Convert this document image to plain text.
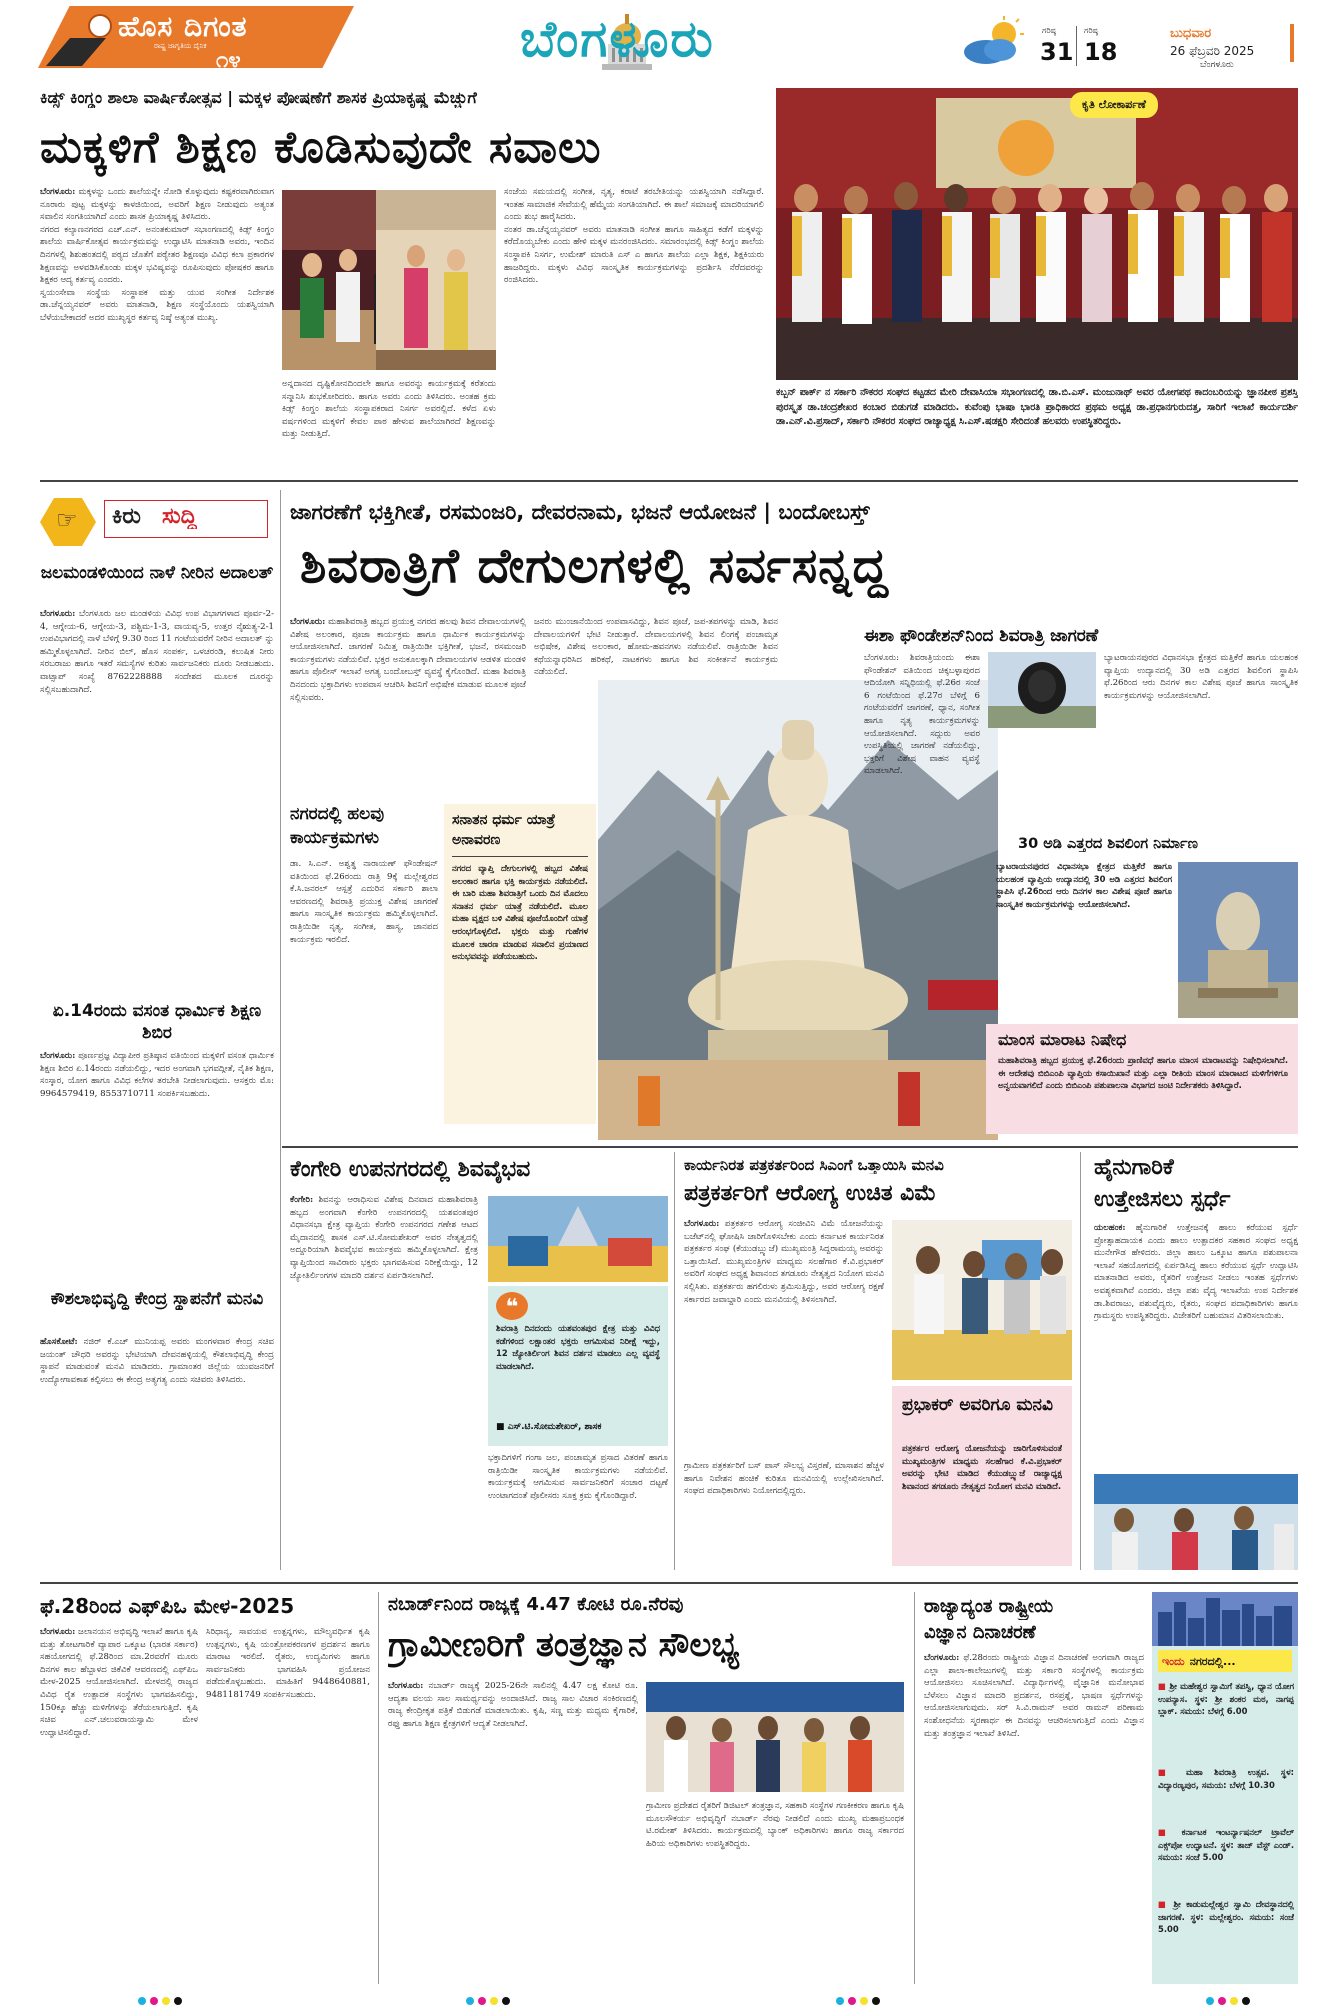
ಹೊಸ ದಿಗಂತ
ರಾಷ್ಟ್ರ ಜಾಗೃತಿಯ ದೈನಿಕ
೧೪	ಬೆಂಗಳೂರು	ಗರಿಷ್ಠ
31
ಗರಿಷ್ಠ
18
ಬುಧವಾರ
26 ಫೆಬ್ರವರಿ 2025
ಬೆಂಗಳೂರು
ಕಿಡ್ಸ್ ಕಿಂಗ್ಡಂ ಶಾಲಾ ವಾರ್ಷಿಕೋತ್ಸವ | ಮಕ್ಕಳ ಪೋಷಣೆಗೆ ಶಾಸಕ ಪ್ರಿಯಾಕೃಷ್ಣ ಮೆಚ್ಚುಗೆ
ಮಕ್ಕಳಿಗೆ ಶಿಕ್ಷಣ ಕೊಡಿಸುವುದೇ ಸವಾಲು
ಬೆಂಗಳೂರು: ಮಕ್ಕಳನ್ನು ಒಂದು ಶಾಲೆಯನ್ನೇ ನೋಡಿ ಕೊಳ್ಳುವುದು ಕಷ್ಟಕರವಾಗಿರುವಾಗ ನೂರಾರು ಪುಟ್ಟ ಮಕ್ಕಳನ್ನು ಕಾಳಜಿಯಿಂದ, ಅವರಿಗೆ ಶಿಕ್ಷಣ ನೀಡುವುದು ಅತ್ಯಂತ ಸವಾಲಿನ ಸಂಗತಿಯಾಗಿದೆ ಎಂದು ಶಾಸಕ ಪ್ರಿಯಾಕೃಷ್ಣ ತಿಳಿಸಿದರು.
ನಗರದ ಕಲ್ಯಾಣನಗರದ ಎಚ್.ಎನ್. ಅನಂತಕುಮಾರ್ ಸಭಾಂಗಣದಲ್ಲಿ ಕಿಡ್ಸ್ ಕಿಂಗ್ಡಂ ಶಾಲೆಯ ವಾರ್ಷಿಕೋತ್ಸವ ಕಾರ್ಯಕ್ರಮವನ್ನು ಉದ್ಘಾಟಿಸಿ ಮಾತನಾಡಿ ಅವರು, ಇಂದಿನ ದಿನಗಳಲ್ಲಿ ಶಿಶುಹಂತದಲ್ಲಿ ಪಠ್ಯದ ಜೊತೆಗೆ ಪಠ್ಯೇತರ ಶಿಕ್ಷಣವೂ ವಿವಿಧ ಕಲಾ ಪ್ರಕಾರಗಳ ಶಿಕ್ಷಣವನ್ನು ಅಳವಡಿಸಿಕೊಂಡು ಮಕ್ಕಳ ಭವಿಷ್ಯವನ್ನು ರೂಪಿಸುವುದು ಪೋಷಕರ ಹಾಗೂ ಶಿಕ್ಷಕರ ಆದ್ಯ ಕರ್ತವ್ಯ ಎಂದರು.
ಸ್ವಯಂಸೇವಾ ಸಂಸ್ಥೆಯ ಸಂಸ್ಥಾಪಕ ಮತ್ತು ಯುವ ಸಂಗೀತ ನಿರ್ದೇಶಕ ಡಾ.ಚೆನ್ನಯ್ಯನವರ್ ಅವರು ಮಾತನಾಡಿ, ಶಿಕ್ಷಣ ಸಂಸ್ಥೆಯೊಂದು ಯಶಸ್ವಿಯಾಗಿ ಬೆಳೆಯಬೇಕಾದರೆ ಅದರ ಮುಖ್ಯಸ್ಥರ ಕರ್ತವ್ಯ ನಿಷ್ಠೆ ಅತ್ಯಂತ ಮುಖ್ಯ.
ಅನ್ನದಾನದ ದೃಷ್ಟಿಕೋನದಿಂದಲೇ ಹಾಗೂ ಅವರನ್ನು ಕಾರ್ಯಕ್ರಮಕ್ಕೆ ಕರೆತಂದು ಸನ್ಮಾನಿಸಿ ಶುಭಕೋರಿದರು. ಹಾಗೂ ಅವರು ಎಂದು ತಿಳಿಸಿದರು. ಅಂತಹ ಕ್ರಮ ಕಿಡ್ಸ್ ಕಿಂಗ್ಡಂ ಶಾಲೆಯ ಸಂಸ್ಥಾಪಕರಾದ ನಿಸರ್ಗ ಅವರಲ್ಲಿದೆ. ಕಳೆದ ಏಳು ವರ್ಷಗಳಿಂದ ಮಕ್ಕಳಿಗೆ ಕೇವಲ ಪಾಠ ಹೇಳುವ ಶಾಲೆಯಾಗಿರದೆ ಶಿಕ್ಷಣವನ್ನು ಮತ್ತು ನೀಡುತ್ತಿದೆ.
ಸಂಜೆಯ ಸಮಯದಲ್ಲಿ ಸಂಗೀತ, ನೃತ್ಯ, ಕರಾಟೆ ತರಬೇತಿಯನ್ನು ಯಶಸ್ವಿಯಾಗಿ ನಡೆಸಿದ್ದಾರೆ. ಇಂತಹ ಸಾಮಾಜಿಕ ಸೇವೆಯಲ್ಲಿ ಹೆಮ್ಮೆಯ ಸಂಗತಿಯಾಗಿದೆ. ಈ ಶಾಲೆ ಸಮಾಜಕ್ಕೆ ಮಾದರಿಯಾಗಲಿ ಎಂದು ಶುಭ ಹಾರೈಸಿದರು.
ನಂತರ ಡಾ.ಚೆನ್ನಯ್ಯನವರ್ ಅವರು ಮಾತನಾಡಿ ಸಂಗೀತ ಹಾಗೂ ಸಾಹಿತ್ಯದ ಕಡೆಗೆ ಮಕ್ಕಳನ್ನು ಕರೆದೊಯ್ಯಬೇಕು ಎಂದು ಹೇಳಿ ಮಕ್ಕಳ ಮನರಂಜಿಸಿದರು. ಸಮಾರಂಭದಲ್ಲಿ ಕಿಡ್ಸ್ ಕಿಂಗ್ಡಂ ಶಾಲೆಯ ಸಂಸ್ಥಾಪಕಿ ನಿಸರ್ಗ, ಉಮೇಶ್ ಮಾರುತಿ ಎಸ್ ಎ ಹಾಗೂ ಶಾಲೆಯ ಎಲ್ಲಾ ಶಿಕ್ಷಕ, ಶಿಕ್ಷಕಿಯರು ಹಾಜರಿದ್ದರು. ಮಕ್ಕಳು ವಿವಿಧ ಸಾಂಸ್ಕೃತಿಕ ಕಾರ್ಯಕ್ರಮಗಳನ್ನು ಪ್ರದರ್ಶಿಸಿ ನೆರೆದವರನ್ನು ರಂಜಿಸಿದರು.
ಕೃತಿ ಲೋಕಾರ್ಪಣೆ
ಕಬ್ಬನ್ ಪಾರ್ಕ್ ನ ಸರ್ಕಾರಿ ನೌಕರರ ಸಂಘದ ಕಟ್ಟಡದ ಮೇರಿ ದೇವಾಸಿಯಾ ಸಭಾಂಗಣದಲ್ಲಿ ಡಾ.ಬಿ.ಎಸ್. ಮಂಜುನಾಥ್ ಅವರ ಯೋಗಪಥ ಕಾದಂಬರಿಯನ್ನು ಜ್ಞಾನಪೀಠ ಪ್ರಶಸ್ತಿ ಪುರಸ್ಕೃತ ಡಾ.ಚಂದ್ರಶೇಖರ ಕಂಬಾರ ಬಿಡುಗಡೆ ಮಾಡಿದರು. ಕುವೆಂಪು ಭಾಷಾ ಭಾರತಿ ಪ್ರಾಧಿಕಾರದ ಪ್ರಥಮ ಅಧ್ಯಕ್ಷ ಡಾ.ಪ್ರಧಾನಗುರುದತ್ತ, ಸಾರಿಗೆ ಇಲಾಖೆ ಕಾರ್ಯದರ್ಶಿ ಡಾ.ಎನ್.ವಿ.ಪ್ರಸಾದ್, ಸರ್ಕಾರಿ ನೌಕರರ ಸಂಘದ ರಾಜ್ಯಾಧ್ಯಕ್ಷ ಸಿ.ಎಸ್.ಷಡಕ್ಷರಿ ಸೇರಿದಂತೆ ಹಲವರು ಉಪಸ್ಥಿತರಿದ್ದರು.
☞ ಕಿರು ಸುದ್ದಿ
ಜಲಮಂಡಳಿಯಿಂದ ನಾಳೆ ನೀರಿನ ಅದಾಲತ್
ಬೆಂಗಳೂರು: ಬೆಂಗಳೂರು ಜಲ ಮಂಡಳಿಯ ವಿವಿಧ ಉಪ ವಿಭಾಗಗಳಾದ ಪೂರ್ವ-2-4, ಆಗ್ನೇಯ-6, ಆಗ್ನೇಯ-3, ಪಶ್ಚಿಮ-1-3, ವಾಯವ್ಯ-5, ಉತ್ತರ ನೈಋತ್ಯ-2-1 ಉಪವಿಭಾಗದಲ್ಲಿ ನಾಳೆ ಬೆಳಿಗ್ಗೆ 9.30 ರಿಂದ 11 ಗಂಟೆಯವರೆಗೆ ನೀರಿನ ಅದಾಲತ್ ನ್ನು ಹಮ್ಮಿಕೊಳ್ಳಲಾಗಿದೆ. ನೀರಿನ ಬಿಲ್, ಹೊಸ ಸಂಪರ್ಕ, ಒಳಚರಂಡಿ, ಕಲುಷಿತ ನೀರು ಸರಬರಾಜು ಹಾಗೂ ಇತರೆ ಸಮಸ್ಯೆಗಳ ಕುರಿತು ಸಾರ್ವಜನಿಕರು ದೂರು ನೀಡಬಹುದು. ವಾಟ್ಸಾಪ್ ಸಂಖ್ಯೆ 8762228888 ಸಂದೇಶದ ಮೂಲಕ ದೂರನ್ನು ಸಲ್ಲಿಸಬಹುದಾಗಿದೆ.
ಏ.14ರಂದು ವಸಂತ ಧಾರ್ಮಿಕ ಶಿಕ್ಷಣ ಶಿಬಿರ
ಬೆಂಗಳೂರು: ಪೂರ್ಣಪ್ರಜ್ಞ ವಿದ್ಯಾಪೀಠ ಪ್ರತಿಷ್ಠಾನ ವತಿಯಿಂದ ಮಕ್ಕಳಿಗೆ ವಸಂತ ಧಾರ್ಮಿಕ ಶಿಕ್ಷಣ ಶಿಬಿರ ಏ.14ರಂದು ನಡೆಯಲಿದ್ದು, ಇದರ ಅಂಗವಾಗಿ ಭಗವದ್ಗೀತೆ, ನೈತಿಕ ಶಿಕ್ಷಣ, ಸಂಸ್ಕಾರ, ಯೋಗ ಹಾಗೂ ವಿವಿಧ ಕಲೆಗಳ ತರಬೇತಿ ನೀಡಲಾಗುವುದು. ಆಸಕ್ತರು ಮೊ: 9964579419, 8553710711 ಸಂಪರ್ಕಿಸಬಹುದು.
ಕೌಶಲಾಭಿವೃದ್ಧಿ ಕೇಂದ್ರ ಸ್ಥಾಪನೆಗೆ ಮನವಿ
ಹೊಸಕೋಟೆ: ನಜಿರ್ ಕೆ.ಎಚ್ ಮುನಿಯಪ್ಪ ಅವರು ಮಂಗಳವಾರ ಕೇಂದ್ರ ಸಚಿವ ಜಯಂತ್ ಚೌಧರಿ ಅವರನ್ನು ಭೇಟಿಯಾಗಿ ದೇವನಹಳ್ಳಿಯಲ್ಲಿ ಕೌಶಲಾಭಿವೃದ್ಧಿ ಕೇಂದ್ರ ಸ್ಥಾಪನೆ ಮಾಡುವಂತೆ ಮನವಿ ಮಾಡಿದರು. ಗ್ರಾಮಾಂತರ ಜಿಲ್ಲೆಯ ಯುವಜನರಿಗೆ ಉದ್ಯೋಗಾವಕಾಶ ಕಲ್ಪಿಸಲು ಈ ಕೇಂದ್ರ ಅತ್ಯಗತ್ಯ ಎಂದು ಸಚಿವರು ತಿಳಿಸಿದರು.
ಜಾಗರಣೆಗೆ ಭಕ್ತಿಗೀತೆ, ರಸಮಂಜರಿ, ದೇವರನಾಮ, ಭಜನೆ ಆಯೋಜನೆ | ಬಂದೋಬಸ್ತ್
ಶಿವರಾತ್ರಿಗೆ ದೇಗುಲಗಳಲ್ಲಿ ಸರ್ವಸನ್ನದ್ಧ
ಬೆಂಗಳೂರು: ಮಹಾಶಿವರಾತ್ರಿ ಹಬ್ಬದ ಪ್ರಯುಕ್ತ ನಗರದ ಹಲವು ಶಿವನ ದೇವಾಲಯಗಳಲ್ಲಿ ವಿಶೇಷ ಅಲಂಕಾರ, ಪೂಜಾ ಕಾರ್ಯಕ್ರಮ ಹಾಗೂ ಧಾರ್ಮಿಕ ಕಾರ್ಯಕ್ರಮಗಳನ್ನು ಆಯೋಜಿಸಲಾಗಿದೆ. ಜಾಗರಣೆ ನಿಮಿತ್ತ ರಾತ್ರಿಯಿಡೀ ಭಕ್ತಿಗೀತೆ, ಭಜನೆ, ರಸಮಂಜರಿ ಕಾರ್ಯಕ್ರಮಗಳು ನಡೆಯಲಿವೆ. ಭಕ್ತರ ಅನುಕೂಲಕ್ಕಾಗಿ ದೇವಾಲಯಗಳ ಆಡಳಿತ ಮಂಡಳಿ ಹಾಗೂ ಪೊಲೀಸ್ ಇಲಾಖೆ ಅಗತ್ಯ ಬಂದೋಬಸ್ತ್ ವ್ಯವಸ್ಥೆ ಕೈಗೊಂಡಿದೆ. ಮಹಾ ಶಿವರಾತ್ರಿ ದಿನದಂದು ಭಕ್ತಾದಿಗಳು ಉಪವಾಸ ಆಚರಿಸಿ ಶಿವನಿಗೆ ಅಭಿಷೇಕ ಮಾಡುವ ಮೂಲಕ ಪೂಜೆ ಸಲ್ಲಿಸುವರು.
ಜನರು ಮುಂಜಾನೆಯಿಂದ ಉಪವಾಸವಿದ್ದು, ಶಿವನ ಪೂಜೆ, ಜಪ-ತಪಗಳನ್ನು ಮಾಡಿ, ಶಿವನ ದೇವಾಲಯಗಳಿಗೆ ಭೇಟಿ ನೀಡುತ್ತಾರೆ. ದೇವಾಲಯಗಳಲ್ಲಿ ಶಿವನ ಲಿಂಗಕ್ಕೆ ಪಂಚಾಮೃತ ಅಭಿಷೇಕ, ವಿಶೇಷ ಅಲಂಕಾರ, ಹೋಮ-ಹವನಗಳು ನಡೆಯಲಿವೆ. ರಾತ್ರಿಯಿಡೀ ಶಿವನ ಕಥೆಯನ್ನಾಧರಿಸಿದ ಹರಿಕಥೆ, ನಾಟಕಗಳು ಹಾಗೂ ಶಿವ ಸಂಕೀರ್ತನೆ ಕಾರ್ಯಕ್ರಮ ನಡೆಯಲಿದೆ.
ನಗರದಲ್ಲಿ ಹಲವು ಕಾರ್ಯಕ್ರಮಗಳು
ಡಾ. ಸಿ.ಎನ್. ಅಶ್ವತ್ಥ ನಾರಾಯಣ್ ಫೌಂಡೇಷನ್ ವತಿಯಿಂದ ಫೆ.26ರಂದು ರಾತ್ರಿ 9ಕ್ಕೆ ಮಲ್ಲೇಶ್ವರದ ಕೆ.ಸಿ.ಜನರಲ್ ಆಸ್ಪತ್ರೆ ಎದುರಿನ ಸರ್ಕಾರಿ ಶಾಲಾ ಆವರಣದಲ್ಲಿ ಶಿವರಾತ್ರಿ ಪ್ರಯುಕ್ತ ವಿಶೇಷ ಜಾಗರಣೆ ಹಾಗೂ ಸಾಂಸ್ಕೃತಿಕ ಕಾರ್ಯಕ್ರಮ ಹಮ್ಮಿಕೊಳ್ಳಲಾಗಿದೆ. ರಾತ್ರಿಯಿಡೀ ನೃತ್ಯ, ಸಂಗೀತ, ಹಾಸ್ಯ, ಜಾನಪದ ಕಾರ್ಯಕ್ರಮ ಇರಲಿದೆ.
ಸನಾತನ ಧರ್ಮ ಯಾತ್ರೆ ಅನಾವರಣ
ನಗರದ ವ್ಯಾಪ್ತಿ ದೇಗುಲಗಳಲ್ಲಿ ಹಬ್ಬದ ವಿಶೇಷ ಅಲಂಕಾರ ಹಾಗೂ ಭಕ್ತಿ ಕಾರ್ಯಕ್ರಮ ನಡೆಯಲಿದೆ. ಈ ಬಾರಿ ಮಹಾ ಶಿವರಾತ್ರಿಗೆ ಒಂದು ದಿನ ಮೊದಲು ಸನಾತನ ಧರ್ಮ ಯಾತ್ರೆ ನಡೆಯಲಿದೆ. ಮೂಲ ಮಹಾ ವೃಕ್ಷದ ಬಳಿ ವಿಶೇಷ ಪೂಜೆಯೊಂದಿಗೆ ಯಾತ್ರೆ ಆರಂಭಗೊಳ್ಳಲಿದೆ. ಭಕ್ತರು ಮತ್ತು ಗುಹೆಗಳ ಮೂಲಕ ಚಾರಣ ಮಾಡುವ ಸವಾಲಿನ ಪ್ರಯಾಣದ ಅನುಭವವನ್ನು ಪಡೆಯಬಹುದು.
ಈಶಾ ಫೌಂಡೇಶನ್‌ನಿಂದ ಶಿವರಾತ್ರಿ ಜಾಗರಣೆ
ಬೆಂಗಳೂರು: ಶಿವರಾತ್ರಿಯಂದು ಈಶಾ ಫೌಂಡೇಶನ್ ವತಿಯಿಂದ ಚಿಕ್ಕಬಳ್ಳಾಪುರದ ಆದಿಯೋಗಿ ಸನ್ನಿಧಿಯಲ್ಲಿ ಫೆ.26ರ ಸಂಜೆ 6 ಗಂಟೆಯಿಂದ ಫೆ.27ರ ಬೆಳಿಗ್ಗೆ 6 ಗಂಟೆಯವರೆಗೆ ಜಾಗರಣೆ, ಧ್ಯಾನ, ಸಂಗೀತ ಹಾಗೂ ನೃತ್ಯ ಕಾರ್ಯಕ್ರಮಗಳನ್ನು ಆಯೋಜಿಸಲಾಗಿದೆ. ಸದ್ಗುರು ಅವರ ಉಪಸ್ಥಿತಿಯಲ್ಲಿ ಜಾಗರಣೆ ನಡೆಯಲಿದ್ದು, ಭಕ್ತರಿಗೆ ವಿಶೇಷ ವಾಹನ ವ್ಯವಸ್ಥೆ ಮಾಡಲಾಗಿದೆ.
ಬ್ಯಾಟರಾಯನಪುರದ ವಿಧಾನಸಭಾ ಕ್ಷೇತ್ರದ ಮತ್ತಿಕೆರೆ ಹಾಗೂ ಯಲಹಂಕ ವ್ಯಾಪ್ತಿಯ ಉದ್ಯಾನದಲ್ಲಿ 30 ಅಡಿ ಎತ್ತರದ ಶಿವಲಿಂಗ ಸ್ಥಾಪಿಸಿ ಫೆ.26ರಿಂದ ಆರು ದಿನಗಳ ಕಾಲ ವಿಶೇಷ ಪೂಜೆ ಹಾಗೂ ಸಾಂಸ್ಕೃತಿಕ ಕಾರ್ಯಕ್ರಮಗಳನ್ನು ಆಯೋಜಿಸಲಾಗಿದೆ.
30 ಅಡಿ ಎತ್ತರದ ಶಿವಲಿಂಗ ನಿರ್ಮಾಣ
ಬ್ಯಾಟರಾಯನಪುರದ ವಿಧಾನಸಭಾ ಕ್ಷೇತ್ರದ ಮತ್ತಿಕೆರೆ ಹಾಗೂ ಯಲಹಂಕ ವ್ಯಾಪ್ತಿಯ ಉದ್ಯಾನದಲ್ಲಿ 30 ಅಡಿ ಎತ್ತರದ ಶಿವಲಿಂಗ ಸ್ಥಾಪಿಸಿ ಫೆ.26ರಿಂದ ಆರು ದಿನಗಳ ಕಾಲ ವಿಶೇಷ ಪೂಜೆ ಹಾಗೂ ಸಾಂಸ್ಕೃತಿಕ ಕಾರ್ಯಕ್ರಮಗಳನ್ನು ಆಯೋಜಿಸಲಾಗಿದೆ.
ಮಾಂಸ ಮಾರಾಟ ನಿಷೇಧ
ಮಹಾಶಿವರಾತ್ರಿ ಹಬ್ಬದ ಪ್ರಯುಕ್ತ ಫೆ.26ರಂದು ಪ್ರಾಣಿವಧೆ ಹಾಗೂ ಮಾಂಸ ಮಾರಾಟವನ್ನು ನಿಷೇಧಿಸಲಾಗಿದೆ. ಈ ಆದೇಶವು ಬಿಬಿಎಂಪಿ ವ್ಯಾಪ್ತಿಯ ಕಸಾಯಿಖಾನೆ ಮತ್ತು ಎಲ್ಲಾ ರೀತಿಯ ಮಾಂಸ ಮಾರಾಟದ ಮಳಿಗೆಗಳಿಗೂ ಅನ್ವಯವಾಗಲಿದೆ ಎಂದು ಬಿಬಿಎಂಪಿ ಪಶುಪಾಲನಾ ವಿಭಾಗದ ಜಂಟಿ ನಿರ್ದೇಶಕರು ತಿಳಿಸಿದ್ದಾರೆ.
ಕೆಂಗೇರಿ ಉಪನಗರದಲ್ಲಿ ಶಿವವೈಭವ
ಕೆಂಗೇರಿ: ಶಿವನನ್ನು ಆರಾಧಿಸುವ ವಿಶೇಷ ದಿನವಾದ ಮಹಾಶಿವರಾತ್ರಿ ಹಬ್ಬದ ಅಂಗವಾಗಿ ಕೆಂಗೇರಿ ಉಪನಗರದಲ್ಲಿ ಯಶವಂತಪುರ ವಿಧಾನಸಭಾ ಕ್ಷೇತ್ರ ವ್ಯಾಪ್ತಿಯ ಕೆಂಗೇರಿ ಉಪನಗರದ ಗಣೇಶ ಆಟದ ಮೈದಾನದಲ್ಲಿ ಶಾಸಕ ಎಸ್.ಟಿ.ಸೋಮಶೇಖರ್ ಅವರ ನೇತೃತ್ವದಲ್ಲಿ ಅದ್ದೂರಿಯಾಗಿ ಶಿವವೈಭವ ಕಾರ್ಯಕ್ರಮ ಹಮ್ಮಿಕೊಳ್ಳಲಾಗಿದೆ. ಕ್ಷೇತ್ರ ವ್ಯಾಪ್ತಿಯಿಂದ ಸಾವಿರಾರು ಭಕ್ತರು ಭಾಗವಹಿಸುವ ನಿರೀಕ್ಷೆಯಿದ್ದು, 12 ಜ್ಯೋತಿರ್ಲಿಂಗಗಳ ಮಾದರಿ ದರ್ಶನ ಏರ್ಪಡಿಸಲಾಗಿದೆ.
❝
ಶಿವರಾತ್ರಿ ದಿನದಂದು ಯಶವಂತಪುರ ಕ್ಷೇತ್ರ ಮತ್ತು ವಿವಿಧ ಕಡೆಗಳಿಂದ ಲಕ್ಷಾಂತರ ಭಕ್ತರು ಆಗಮಿಸುವ ನಿರೀಕ್ಷೆ ಇದ್ದು, 12 ಜ್ಯೋತಿರ್ಲಿಂಗ ಶಿವನ ದರ್ಶನ ಮಾಡಲು ಎಲ್ಲ ವ್ಯವಸ್ಥೆ ಮಾಡಲಾಗಿದೆ.
■ ಎಸ್.ಟಿ.ಸೋಮಶೇಖರ್, ಶಾಸಕ
ಭಕ್ತಾದಿಗಳಿಗೆ ಗಂಗಾ ಜಲ, ಪಂಚಾಮೃತ ಪ್ರಸಾದ ವಿತರಣೆ ಹಾಗೂ ರಾತ್ರಿಯಿಡೀ ಸಾಂಸ್ಕೃತಿಕ ಕಾರ್ಯಕ್ರಮಗಳು ನಡೆಯಲಿವೆ. ಕಾರ್ಯಕ್ರಮಕ್ಕೆ ಆಗಮಿಸುವ ಸಾರ್ವಜನಿಕರಿಗೆ ಸಂಚಾರ ದಟ್ಟಣೆ ಉಂಟಾಗದಂತೆ ಪೊಲೀಸರು ಸೂಕ್ತ ಕ್ರಮ ಕೈಗೊಂಡಿದ್ದಾರೆ.
ಕಾರ್ಯನಿರತ ಪತ್ರಕರ್ತರಿಂದ ಸಿಎಂಗೆ ಒತ್ತಾಯಿಸಿ ಮನವಿ
ಪತ್ರಕರ್ತರಿಗೆ ಆರೋಗ್ಯ ಉಚಿತ ವಿಮೆ
ಬೆಂಗಳೂರು: ಪತ್ರಕರ್ತರ ಆರೋಗ್ಯ ಸಂಜೀವಿನಿ ವಿಮೆ ಯೋಜನೆಯನ್ನು ಬಜೆಟ್‌ನಲ್ಲಿ ಘೋಷಿಸಿ ಜಾರಿಗೊಳಿಸಬೇಕು ಎಂದು ಕರ್ನಾಟಕ ಕಾರ್ಯನಿರತ ಪತ್ರಕರ್ತರ ಸಂಘ (ಕೆಯುಡಬ್ಲ್ಯುಜೆ) ಮುಖ್ಯಮಂತ್ರಿ ಸಿದ್ದರಾಮಯ್ಯ ಅವರನ್ನು ಒತ್ತಾಯಿಸಿದೆ. ಮುಖ್ಯಮಂತ್ರಿಗಳ ಮಾಧ್ಯಮ ಸಲಹೆಗಾರ ಕೆ.ವಿ.ಪ್ರಭಾಕರ್ ಅವರಿಗೆ ಸಂಘದ ಅಧ್ಯಕ್ಷ ಶಿವಾನಂದ ತಗಡೂರು ನೇತೃತ್ವದ ನಿಯೋಗ ಮನವಿ ಸಲ್ಲಿಸಿತು. ಪತ್ರಕರ್ತರು ಹಗಲಿರುಳು ಶ್ರಮಿಸುತ್ತಿದ್ದು, ಅವರ ಆರೋಗ್ಯ ರಕ್ಷಣೆ ಸರ್ಕಾರದ ಜವಾಬ್ದಾರಿ ಎಂದು ಮನವಿಯಲ್ಲಿ ತಿಳಿಸಲಾಗಿದೆ.
ಗ್ರಾಮೀಣ ಪತ್ರಕರ್ತರಿಗೆ ಬಸ್ ಪಾಸ್ ಸೌಲಭ್ಯ ವಿಸ್ತರಣೆ, ಮಾಸಾಶನ ಹೆಚ್ಚಳ ಹಾಗೂ ನಿವೇಶನ ಹಂಚಿಕೆ ಕುರಿತೂ ಮನವಿಯಲ್ಲಿ ಉಲ್ಲೇಖಿಸಲಾಗಿದೆ. ಸಂಘದ ಪದಾಧಿಕಾರಿಗಳು ನಿಯೋಗದಲ್ಲಿದ್ದರು.
ಪ್ರಭಾಕರ್ ಅವರಿಗೂ ಮನವಿ
ಪತ್ರಕರ್ತರ ಆರೋಗ್ಯ ಯೋಜನೆಯನ್ನು ಜಾರಿಗೊಳಿಸುವಂತೆ ಮುಖ್ಯಮಂತ್ರಿಗಳ ಮಾಧ್ಯಮ ಸಲಹೆಗಾರ ಕೆ.ವಿ.ಪ್ರಭಾಕರ್ ಅವರನ್ನು ಭೇಟಿ ಮಾಡಿದ ಕೆಯುಡಬ್ಲ್ಯುಜೆ ರಾಜ್ಯಾಧ್ಯಕ್ಷ ಶಿವಾನಂದ ತಗಡೂರು ನೇತೃತ್ವದ ನಿಯೋಗ ಮನವಿ ಮಾಡಿದೆ.
ಹೈನುಗಾರಿಕೆ
ಉತ್ತೇಜಿಸಲು ಸ್ಪರ್ಧೆ
ಯಲಹಂಕ: ಹೈನುಗಾರಿಕೆ ಉತ್ತೇಜನಕ್ಕೆ ಹಾಲು ಕರೆಯುವ ಸ್ಪರ್ಧೆ ಪ್ರೋತ್ಸಾಹದಾಯಕ ಎಂದು ಹಾಲು ಉತ್ಪಾದಕರ ಸಹಕಾರ ಸಂಘದ ಅಧ್ಯಕ್ಷ ಮುನೇಗೌಡ ಹೇಳಿದರು. ಜಿಲ್ಲಾ ಹಾಲು ಒಕ್ಕೂಟ ಹಾಗೂ ಪಶುಪಾಲನಾ ಇಲಾಖೆ ಸಹಯೋಗದಲ್ಲಿ ಏರ್ಪಡಿಸಿದ್ದ ಹಾಲು ಕರೆಯುವ ಸ್ಪರ್ಧೆ ಉದ್ಘಾಟಿಸಿ ಮಾತನಾಡಿದ ಅವರು, ರೈತರಿಗೆ ಉತ್ತೇಜನ ನೀಡಲು ಇಂತಹ ಸ್ಪರ್ಧೆಗಳು ಅವಶ್ಯಕವಾಗಿವೆ ಎಂದರು. ಜಿಲ್ಲಾ ಪಶು ವೈದ್ಯ ಇಲಾಖೆಯ ಉಪ ನಿರ್ದೇಶಕ ಡಾ.ಶಿವರಾಜು, ಪಶುವೈದ್ಯರು, ರೈತರು, ಸಂಘದ ಪದಾಧಿಕಾರಿಗಳು ಹಾಗೂ ಗ್ರಾಮಸ್ಥರು ಉಪಸ್ಥಿತರಿದ್ದರು. ವಿಜೇತರಿಗೆ ಬಹುಮಾನ ವಿತರಿಸಲಾಯಿತು.
ಫೆ.28ರಿಂದ ಎಫ್‌ಪಿಒ ಮೇಳ-2025
ಬೆಂಗಳೂರು: ಜಲಾನಯನ ಅಭಿವೃದ್ಧಿ ಇಲಾಖೆ ಹಾಗೂ ಕೃಷಿ ಮತ್ತು ತೋಟಗಾರಿಕೆ ವ್ಯಾಪಾರ ಒಕ್ಕೂಟ (ಭಾರತ ಸರ್ಕಾರ) ಸಹಯೋಗದಲ್ಲಿ ಫೆ.28ರಿಂದ ಮಾ.2ರವರೆಗೆ ಮೂರು ದಿನಗಳ ಕಾಲ ಹೆಬ್ಬಾಳದ ಜಿಕೆವಿಕೆ ಆವರಣದಲ್ಲಿ ಎಫ್‌ಪಿಒ ಮೇಳ-2025 ಆಯೋಜಿಸಲಾಗಿದೆ. ಮೇಳದಲ್ಲಿ ರಾಜ್ಯದ ವಿವಿಧ ರೈತ ಉತ್ಪಾದಕ ಸಂಸ್ಥೆಗಳು ಭಾಗವಹಿಸಲಿದ್ದು, 150ಕ್ಕೂ ಹೆಚ್ಚು ಮಳಿಗೆಗಳನ್ನು ತೆರೆಯಲಾಗುತ್ತಿದೆ. ಕೃಷಿ ಸಚಿವ ಎನ್.ಚಲುವರಾಯಸ್ವಾಮಿ ಮೇಳ ಉದ್ಘಾಟಿಸಲಿದ್ದಾರೆ.
ಸಿರಿಧಾನ್ಯ, ಸಾವಯವ ಉತ್ಪನ್ನಗಳು, ಮೌಲ್ಯವರ್ಧಿತ ಕೃಷಿ ಉತ್ಪನ್ನಗಳು, ಕೃಷಿ ಯಂತ್ರೋಪಕರಣಗಳ ಪ್ರದರ್ಶನ ಹಾಗೂ ಮಾರಾಟ ಇರಲಿದೆ. ರೈತರು, ಉದ್ಯಮಿಗಳು ಹಾಗೂ ಸಾರ್ವಜನಿಕರು ಭಾಗವಹಿಸಿ ಪ್ರಯೋಜನ ಪಡೆದುಕೊಳ್ಳಬಹುದು. ಮಾಹಿತಿಗೆ 9448640881, 9481181749 ಸಂಪರ್ಕಿಸಬಹುದು.
ನಬಾರ್ಡ್‌ನಿಂದ ರಾಜ್ಯಕ್ಕೆ 4.47 ಕೋಟಿ ರೂ.ನೆರವು
ಗ್ರಾಮೀಣರಿಗೆ ತಂತ್ರಜ್ಞಾನ ಸೌಲಭ್ಯ
ಬೆಂಗಳೂರು: ನಬಾರ್ಡ್ ರಾಜ್ಯಕ್ಕೆ 2025-26ನೇ ಸಾಲಿನಲ್ಲಿ 4.47 ಲಕ್ಷ ಕೋಟಿ ರೂ. ಆದ್ಯತಾ ವಲಯ ಸಾಲ ಸಾಮರ್ಥ್ಯವನ್ನು ಅಂದಾಜಿಸಿದೆ. ರಾಜ್ಯ ಸಾಲ ವಿಚಾರ ಸಂಕಿರಣದಲ್ಲಿ ರಾಜ್ಯ ಕೇಂದ್ರೀಕೃತ ಪತ್ರಿಕೆ ಬಿಡುಗಡೆ ಮಾಡಲಾಯಿತು. ಕೃಷಿ, ಸಣ್ಣ ಮತ್ತು ಮಧ್ಯಮ ಕೈಗಾರಿಕೆ, ರಫ್ತು ಹಾಗೂ ಶಿಕ್ಷಣ ಕ್ಷೇತ್ರಗಳಿಗೆ ಆದ್ಯತೆ ನೀಡಲಾಗಿದೆ.
ಗ್ರಾಮೀಣ ಪ್ರದೇಶದ ರೈತರಿಗೆ ಡಿಜಿಟಲ್ ತಂತ್ರಜ್ಞಾನ, ಸಹಕಾರಿ ಸಂಸ್ಥೆಗಳ ಗಣಕೀಕರಣ ಹಾಗೂ ಕೃಷಿ ಮೂಲಸೌಕರ್ಯ ಅಭಿವೃದ್ಧಿಗೆ ನಬಾರ್ಡ್ ನೆರವು ನೀಡಲಿದೆ ಎಂದು ಮುಖ್ಯ ಮಹಾಪ್ರಬಂಧಕ ಟಿ.ರಮೇಶ್ ತಿಳಿಸಿದರು. ಕಾರ್ಯಕ್ರಮದಲ್ಲಿ ಬ್ಯಾಂಕ್ ಅಧಿಕಾರಿಗಳು ಹಾಗೂ ರಾಜ್ಯ ಸರ್ಕಾರದ ಹಿರಿಯ ಅಧಿಕಾರಿಗಳು ಉಪಸ್ಥಿತರಿದ್ದರು.
ರಾಜ್ಯಾದ್ಯಂತ ರಾಷ್ಟ್ರೀಯ
ವಿಜ್ಞಾನ ದಿನಾಚರಣೆ
ಬೆಂಗಳೂರು: ಫೆ.28ರಂದು ರಾಷ್ಟ್ರೀಯ ವಿಜ್ಞಾನ ದಿನಾಚರಣೆ ಅಂಗವಾಗಿ ರಾಜ್ಯದ ಎಲ್ಲಾ ಶಾಲಾ-ಕಾಲೇಜುಗಳಲ್ಲಿ ಮತ್ತು ಸರ್ಕಾರಿ ಸಂಸ್ಥೆಗಳಲ್ಲಿ ಕಾರ್ಯಕ್ರಮ ಆಯೋಜಿಸಲು ಸೂಚಿಸಲಾಗಿದೆ. ವಿದ್ಯಾರ್ಥಿಗಳಲ್ಲಿ ವೈಜ್ಞಾನಿಕ ಮನೋಭಾವ ಬೆಳೆಸಲು ವಿಜ್ಞಾನ ಮಾದರಿ ಪ್ರದರ್ಶನ, ರಸಪ್ರಶ್ನೆ, ಭಾಷಣ ಸ್ಪರ್ಧೆಗಳನ್ನು ಆಯೋಜಿಸಲಾಗುವುದು. ಸರ್ ಸಿ.ವಿ.ರಾಮನ್ ಅವರ ರಾಮನ್ ಪರಿಣಾಮ ಸಂಶೋಧನೆಯ ಸ್ಮರಣಾರ್ಥ ಈ ದಿನವನ್ನು ಆಚರಿಸಲಾಗುತ್ತಿದೆ ಎಂದು ವಿಜ್ಞಾನ ಮತ್ತು ತಂತ್ರಜ್ಞಾನ ಇಲಾಖೆ ತಿಳಿಸಿದೆ.
ಇಂದು ನಗರದಲ್ಲಿ...
■ ಶ್ರೀ ಮಹೇಶ್ವರ ಸ್ವಾಮಿಗೆ ತಪಸ್ವಿ, ಧ್ಯಾನ ಯೋಗ ಉಪನ್ಯಾಸ. ಸ್ಥಳ: ಶ್ರೀ ಶಂಕರ ಮಠ, ನಾಗಪ್ಪ ಬ್ಲಾಕ್. ಸಮಯ: ಬೆಳಗ್ಗೆ 6.00
■ ಮಹಾ ಶಿವರಾತ್ರಿ ಉತ್ಸವ. ಸ್ಥಳ: ವಿದ್ಯಾರಣ್ಯಪುರ, ಸಮಯ: ಬೆಳಗ್ಗೆ 10.30
■ ಕರ್ನಾಟಕ ಇಂಟರ್ನ್ಯಾಷನಲ್ ಟ್ರಾವೆಲ್ ಎಕ್ಸ್‌ಪೋ ಉದ್ಘಾಟನೆ. ಸ್ಥಳ: ತಾಜ್ ವೆಸ್ಟ್ ಎಂಡ್. ಸಮಯ: ಸಂಜೆ 5.00
■ ಶ್ರೀ ಕಾಡುಮಲ್ಲೇಶ್ವರ ಸ್ವಾಮಿ ದೇವಸ್ಥಾನದಲ್ಲಿ ಜಾಗರಣೆ. ಸ್ಥಳ: ಮಲ್ಲೇಶ್ವರಂ. ಸಮಯ: ಸಂಜೆ 5.00
